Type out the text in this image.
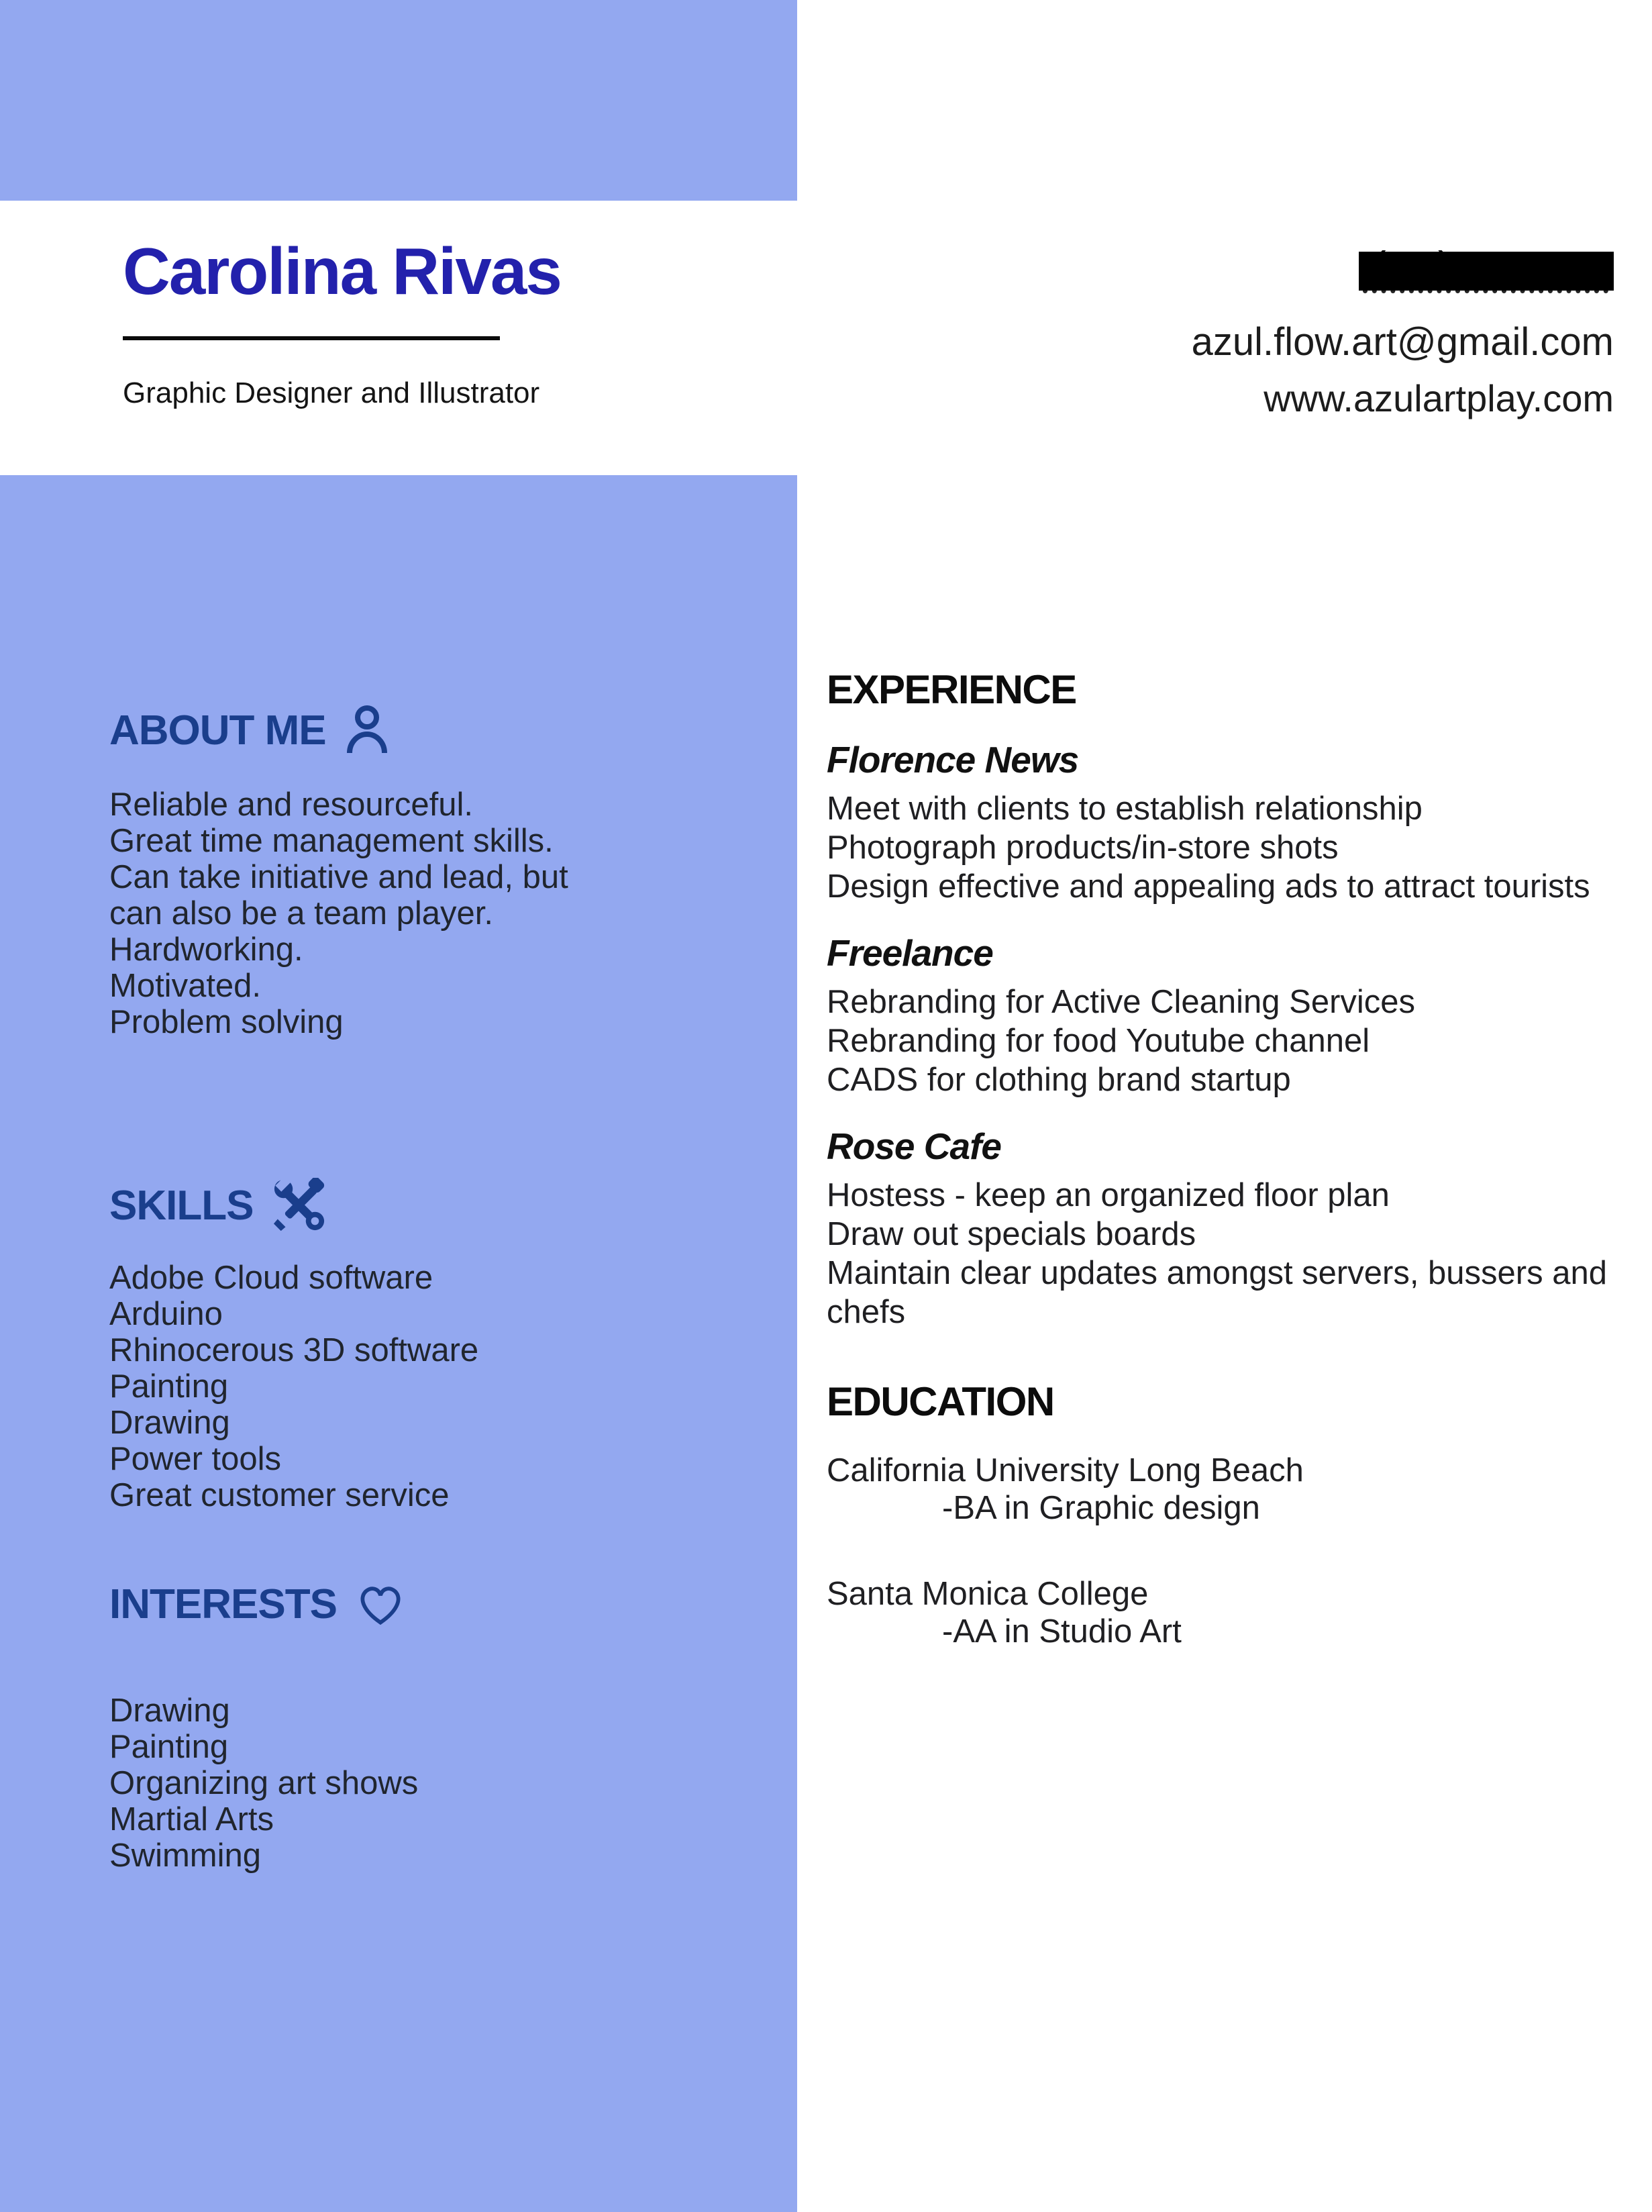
Carolina Rivas
Graphic Designer and Illustrator
azul.flow.art@gmail.com
www.azulartplay.com
ABOUT ME
Reliable and resourceful.
Great time management skills.
Can take initiative and lead, but
can also be a team player.
Hardworking.
Motivated.
Problem solving
SKILLS
Adobe Cloud software
Arduino
Rhinocerous 3D software
Painting
Drawing
Power tools
Great customer service
INTERESTS
Drawing
Painting
Organizing art shows
Martial Arts
Swimming
EXPERIENCE
Florence News
Meet with clients to establish relationship
Photograph products/in-store shots
Design effective and appealing ads to attract tourists
Freelance
Rebranding for Active Cleaning Services
Rebranding for food Youtube channel
CADS for clothing brand startup
Rose Cafe
Hostess - keep an organized floor plan
Draw out specials boards
Maintain clear updates amongst servers, bussers and chefs
EDUCATION
California University Long Beach
-BA in Graphic design
Santa Monica College
-AA in Studio Art
